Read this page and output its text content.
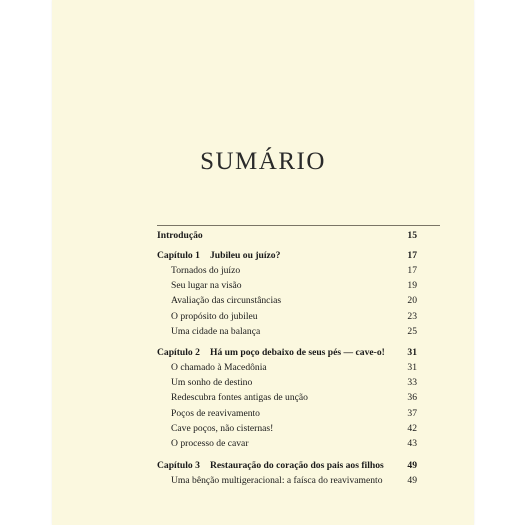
SUMÁRIO
Introdução	15
Capítulo 1 Jubileu ou juízo?	17
Tornados do juízo	17
Seu lugar na visão	19
Avaliação das circunstâncias	20
O propósito do jubileu	23
Uma cidade na balança	25
Capítulo 2 Há um poço debaixo de seus pés — cave-o! 31
O chamado à Macedônia	31
Um sonho de destino	33
Redescubra fontes antigas de unção	36
Poços de reavivamento	37
Cave poços, não cisternas!	42
O processo de cavar	43
Capítulo 3 Restauração do coração dos pais aos filhos 49
Uma bênção multigeracional: a faísca do reavivamento	49
